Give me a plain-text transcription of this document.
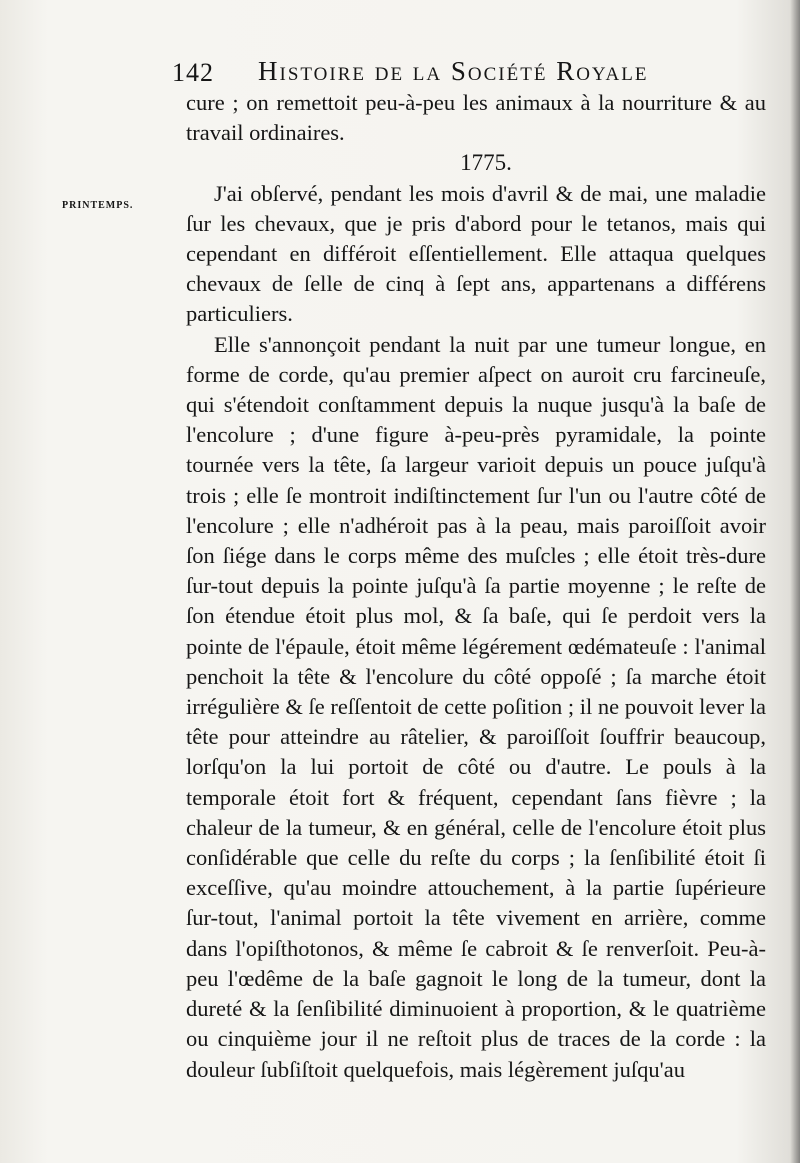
142 Histoire de la Société Royale
PRINTEMPS.

cure ; on remettoit peu-à-peu les animaux à la nourriture & au travail ordinaires.

1775.

J'ai obſervé, pendant les mois d'avril & de mai, une maladie ſur les chevaux, que je pris d'abord pour le tetanos, mais qui cependant en différoit eſſentiellement. Elle attaqua quelques chevaux de ſelle de cinq à ſept ans, appartenans a différens particuliers.

Elle s'annonçoit pendant la nuit par une tumeur longue, en forme de corde, qu'au premier aſpect on auroit cru farcineuſe, qui s'étendoit conſtamment depuis la nuque jusqu'à la baſe de l'encolure ; d'une figure à-peu-près pyramidale, la pointe tournée vers la tête, ſa largeur varioit depuis un pouce juſqu'à trois ; elle ſe montroit indiſtinctement ſur l'un ou l'autre côté de l'encolure ; elle n'adhéroit pas à la peau, mais paroiſſoit avoir ſon ſiége dans le corps même des muſcles ; elle étoit très-dure ſur-tout depuis la pointe juſqu'à ſa partie moyenne ; le reſte de ſon étendue étoit plus mol, & ſa baſe, qui ſe perdoit vers la pointe de l'épaule, étoit même légérement œdémateuſe : l'animal penchoit la tête & l'encolure du côté oppoſé ; ſa marche étoit irrégulière & ſe reſſentoit de cette poſition ; il ne pouvoit lever la tête pour atteindre au râtelier, & paroiſſoit ſouffrir beaucoup, lorſqu'on la lui portoit de côté ou d'autre. Le pouls à la temporale étoit fort & fréquent, cependant ſans fièvre ; la chaleur de la tumeur, & en général, celle de l'encolure étoit plus conſidérable que celle du reſte du corps ; la ſenſibilité étoit ſi exceſſive, qu'au moindre attouchement, à la partie ſupérieure ſur-tout, l'animal portoit la tête vivement en arrière, comme dans l'opiſthotonos, & même ſe cabroit & ſe renverſoit. Peu-à-peu l'œdême de la baſe gagnoit le long de la tumeur, dont la dureté & la ſenſibilité diminuoient à proportion, & le quatrième ou cinquième jour il ne reſtoit plus de traces de la corde : la douleur ſubſiſtoit quelquefois, mais légèrement juſqu'au
